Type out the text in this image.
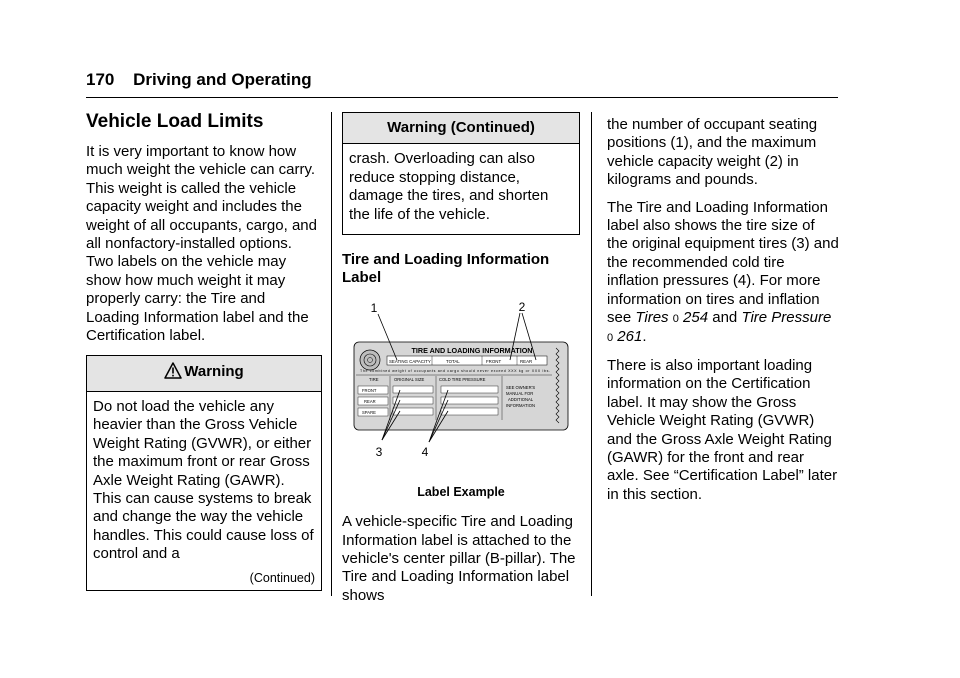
170 Driving and Operating
Vehicle Load Limits

It is very important to know how much weight the vehicle can carry. This weight is called the vehicle capacity weight and includes the weight of all occupants, cargo, and all nonfactory-installed options. Two labels on the vehicle may show how much weight it may properly carry: the Tire and Loading Information label and the Certification label.

Warning
Do not load the vehicle any heavier than the Gross Vehicle Weight Rating (GVWR), or either the maximum front or rear Gross Axle Weight Rating (GAWR). This can cause systems to break and change the way the vehicle handles. This could cause loss of control and a
(Continued)
Warning (Continued)
crash. Overloading can also reduce stopping distance, damage the tires, and shorten the life of the vehicle.
Tire and Loading Information Label
TIRE AND LOADING INFORMATION
SEATING CAPACITY	TOTAL	FRONT	REAR
The combined weight of occupants and cargo should never exceed XXX kg or XXX lbs.
TIRE	ORIGINAL SIZE	COLD TIRE PRESSURE
FRONT
REAR
SPARE
SEE OWNER'S
MANUAL FOR
ADDITIONAL
INFORMATION
1	2
3	4
Label Example

A vehicle-specific Tire and Loading Information label is attached to the vehicle's center pillar (B-pillar). The Tire and Loading Information label shows

the number of occupant seating positions (1), and the maximum vehicle capacity weight (2) in kilograms and pounds.

The Tire and Loading Information label also shows the tire size of the original equipment tires (3) and the recommended cold tire inflation pressures (4). For more information on tires and inflation see Tires 0 254 and Tire Pressure 0 261.

There is also important loading information on the Certification label. It may show the Gross Vehicle Weight Rating (GVWR) and the Gross Axle Weight Rating (GAWR) for the front and rear axle. See “Certification Label” later in this section.
